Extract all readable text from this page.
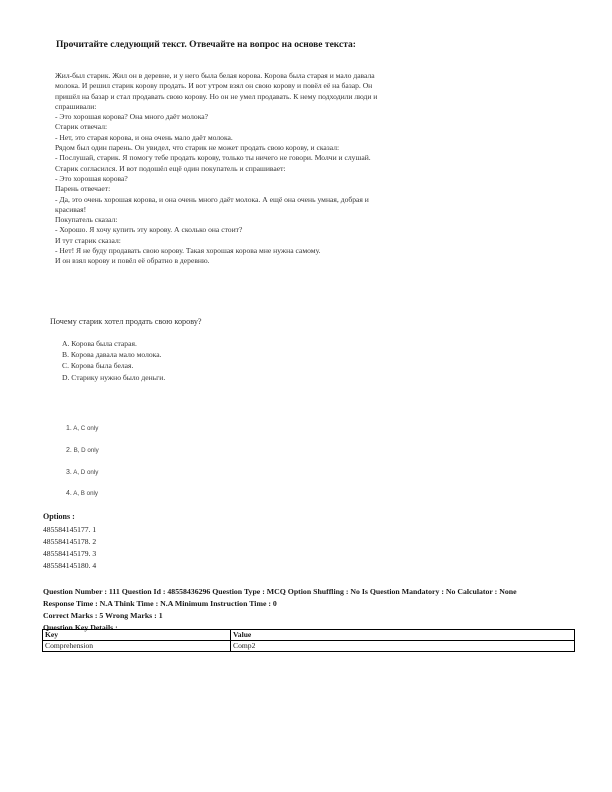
Прочитайте следующий текст. Отвечайте на вопрос на основе текста:
Жил-был старик. Жил он в деревне, и у него была белая корова. Корова была старая и мало давала
молока. И решил старик корову продать. И вот утром взял он свою корову и повёл её на базар. Он
пришёл на базар и стал продавать свою корову. Но он не умел продавать. К нему подходили люди и
спрашивали:
- Это хорошая корова? Она много даёт молока?
Старик отвечал:
- Нет, это старая корова, и она очень мало даёт молока.
Рядом был один парень. Он увидел, что старик не может продать свою корову, и сказал:
- Послушай, старик. Я помогу тебе продать корову, только ты ничего не говори. Молчи и слушай.
Старик согласился. И вот подошёл ещё один покупатель и спрашивает:
- Это хорошая корова?
Парень отвечает:
- Да, это очень хорошая корова, и она очень много даёт молока. А ещё она очень умная, добрая и
красивая!
Покупатель сказал:
- Хорошо. Я хочу купить эту корову. А сколько она стоит?
И тут старик сказал:
- Нет! Я не буду продавать свою корову. Такая хорошая корова мне нужна самому.
И он взял корову и повёл её обратно в деревню.
Почему старик хотел продать свою корову?
A. Корова была старая.
B. Корова давала мало молока.
C. Корова была белая.
D. Старику нужно было деньги.
1. A, C only
2. B, D only
3. A, D only
4. A, B only
Options :
485584145177. 1
485584145178. 2
485584145179. 3
485584145180. 4
Question Number : 111 Question Id : 48558436296 Question Type : MCQ Option Shuffling : No Is Question Mandatory : No Calculator : None
Response Time : N.A Think Time : N.A Minimum Instruction Time : 0
Correct Marks : 5 Wrong Marks : 1
Question Key Details :
Key	Value
Comprehension	Comp2
